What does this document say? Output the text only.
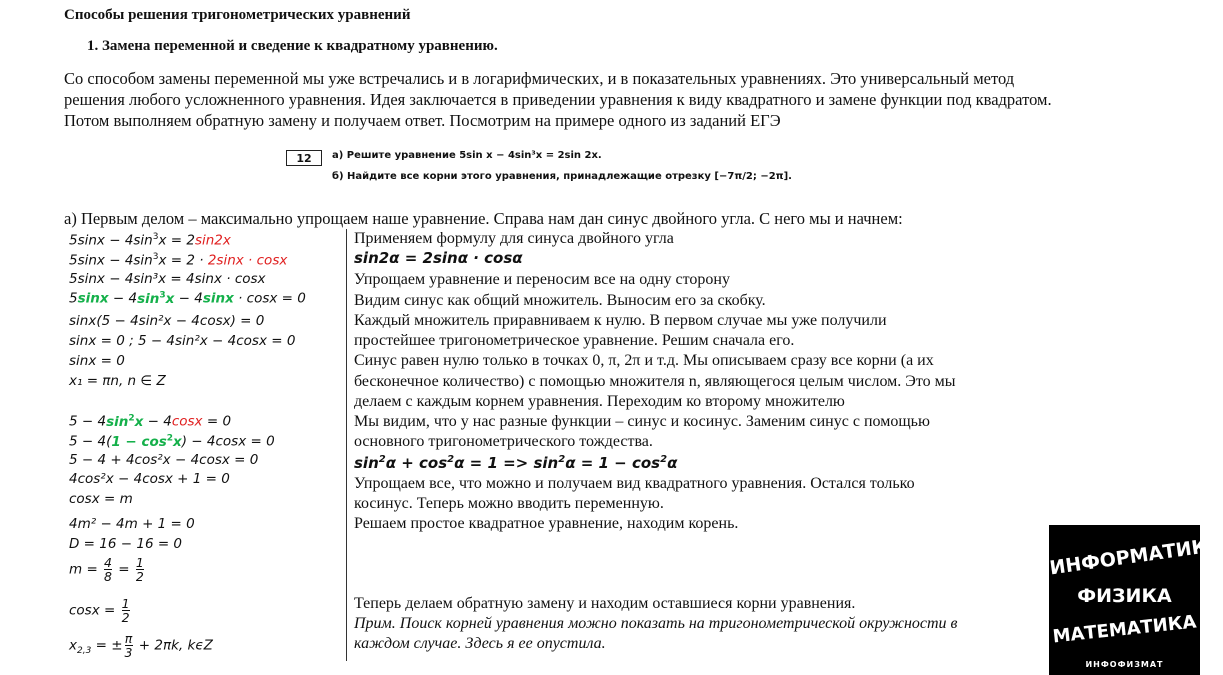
Способы решения тригонометрических уравнений
1. Замена переменной и сведение к квадратному уравнению.
Со способом замены переменной мы уже встречались и в логарифмических, и в показательных уравнениях. Это универсальный метод решения любого усложненного уравнения. Идея заключается в приведении уравнения к виду квадратного и замене функции под квадратом. Потом выполняем обратную замену и получаем ответ. Посмотрим на примере одного из заданий ЕГЭ
12	а) Решите уравнение 5sin x − 4sin³x = 2sin 2x.
б) Найдите все корни этого уравнения, принадлежащие отрезку [−7π/2; −2π].
а) Первым делом – максимально упрощаем наше уравнение. Справа нам дан синус двойного угла. С него мы и начнем:
$5\sin x - 4\sin^3x = 2\sin 2x$
$5\sin x - 4\sin^3x = 2 \cdot 2\sin x \cdot \cos x$
5sinx − 4sin³x = 4sinx · cosx
$5\sin x - 4\sin^3x - 4\sin x \cdot \cos x = 0$
sinx(5 − 4sin²x − 4cosx) = 0
sinx = 0 ; 5 − 4sin²x − 4cosx = 0
sinx = 0
x₁ = πn, n ∈ Z
$5 - 4\sin^2x - 4\cos x = 0$
$5 - 4(1 - \cos^2x) - 4\cos x = 0$
5 − 4 + 4cos²x − 4cosx = 0
4cos²x − 4cosx + 1 = 0
cosx = m
4m² − 4m + 1 = 0
D = 16 − 16 = 0
$m = \frac{4}{8} = \frac{1}{2}$
$\cos x = \frac{1}{2}$
$x_{2,3}$ = ± $\frac{\pi}{3} + 2\pi k$, kϵZ
Применяем формулу для синуса двойного угла
sin2α = 2sinα · cosα
Упрощаем уравнение и переносим все на одну сторону
Видим синус как общий множитель. Выносим его за скобку.
Каждый множитель приравниваем к нулю. В первом случае мы уже получили
простейшее тригонометрическое уравнение. Решим сначала его.
Синус равен нулю только в точках 0, π, 2π и т.д. Мы описываем сразу все корни (а их
бесконечное количество) с помощью множителя n, являющегося целым числом. Это мы
делаем с каждым корнем уравнения. Переходим ко второму множителю
Мы видим, что у нас разные функции – синус и косинус. Заменим синус с помощью
основного тригонометрического тождества.
$\sin^2\alpha + \cos^2\alpha = 1 => \sin^2\alpha = 1 - \cos^2\alpha$
Упрощаем все, что можно и получаем вид квадратного уравнения. Остался только
косинус. Теперь можно вводить переменную.
Решаем простое квадратное уравнение, находим корень.
Теперь делаем обратную замену и находим оставшиеся корни уравнения.
Прим. Поиск корней уравнения можно показать на тригонометрической окружности в
каждом случае. Здесь я ее опустила.
ИНФОРМАТИКА
ФИЗИКА
МАТЕМАТИКА
ИНФОФИЗМАТ
